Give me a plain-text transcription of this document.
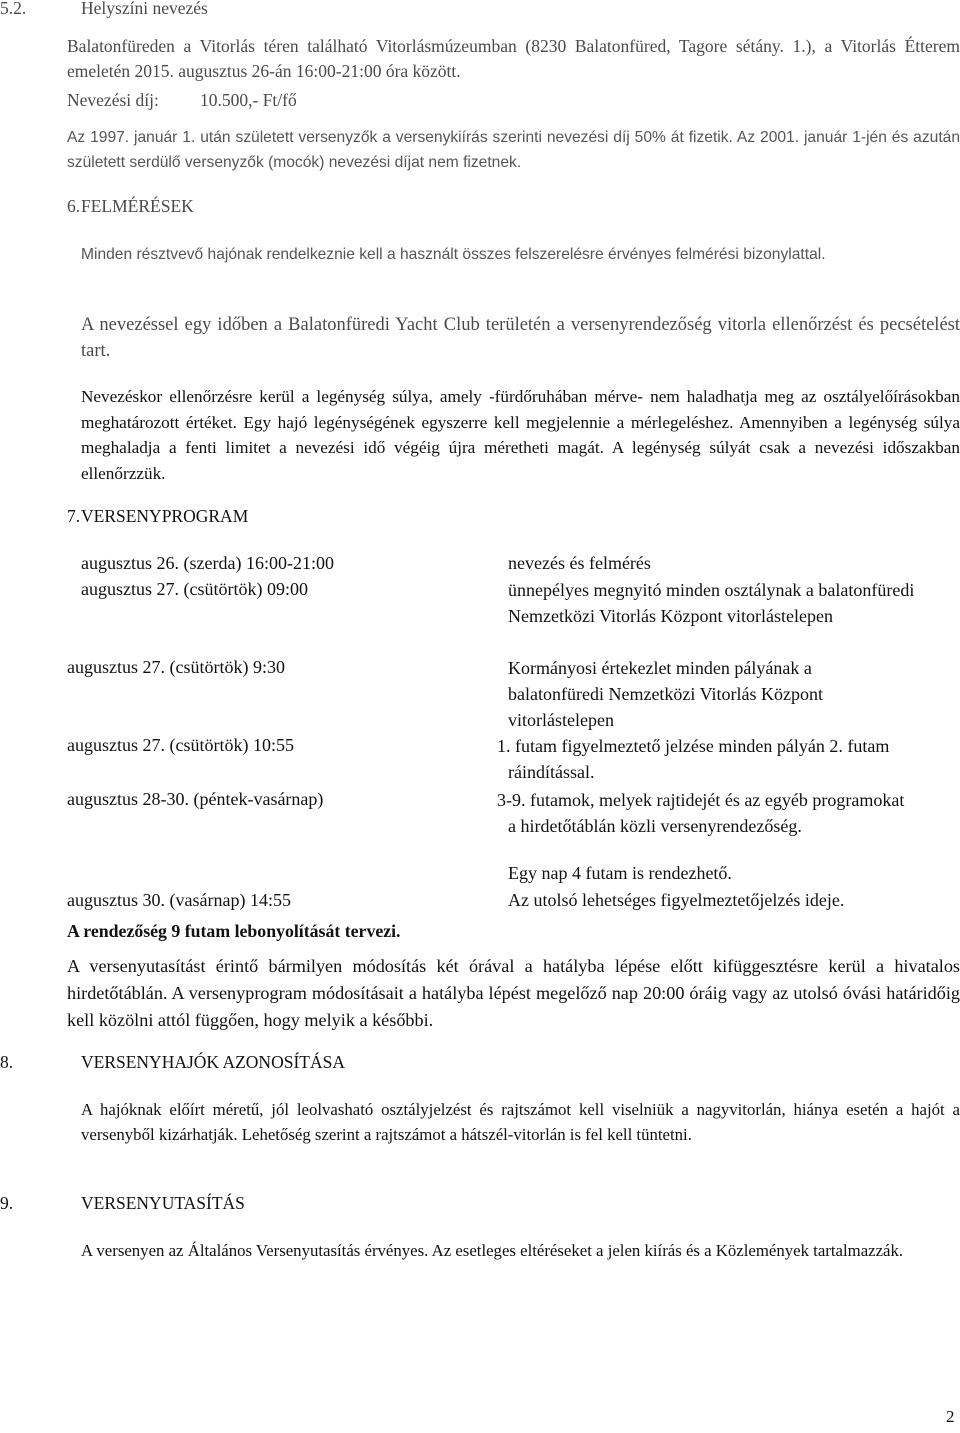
5.2.	Helyszíni nevezés
Balatonfüreden a Vitorlás téren található Vitorlásmúzeumban (8230 Balatonfüred, Tagore sétány. 1.), a Vitorlás Étterem emeletén 2015. augusztus 26-án 16:00-21:00 óra között.
Nevezési díj: 10.500,- Ft/fő
Az 1997. január 1. után született versenyzők a versenykiírás szerinti nevezési díj 50% át fizetik. Az 2001. január 1-jén és azután született serdülő versenyzők (mocók) nevezési díjat nem fizetnek.
6. FELMÉRÉSEK
Minden résztvevő hajónak rendelkeznie kell a használt összes felszerelésre érvényes felmérési bizonylattal.
A nevezéssel egy időben a Balatonfüredi Yacht Club területén a versenyrendezőség vitorla ellenőrzést és pecsételést tart.
Nevezéskor ellenőrzésre kerül a legénység súlya, amely -fürdőruhában mérve- nem haladhatja meg az osztályelőírásokban meghatározott értéket. Egy hajó legénységének egyszerre kell megjelennie a mérlegeléshez. Amennyiben a legénység súlya meghaladja a fenti limitet a nevezési idő végéig újra méretheti magát. A legénység súlyát csak a nevezési időszakban ellenőrzzük.
7. VERSENYPROGRAM
augusztus 26. (szerda) 16:00-21:00	nevezés és felmérés
augusztus 27. (csütörtök) 09:00	ünnepélyes megnyitó minden osztálynak a balatonfüredi Nemzetközi Vitorlás Központ vitorlástelepen
augusztus 27. (csütörtök) 9:30	Kormányosi értekezlet minden pályának a balatonfüredi Nemzetközi Vitorlás Központ vitorlástelepen
augusztus 27. (csütörtök) 10:55	1. futam figyelmeztető jelzése minden pályán 2. futam ráindítással.
augusztus 28-30. (péntek-vasárnap)	3-9. futamok, melyek rajtidejét és az egyéb programokat a hirdetőtáblán közli versenyrendezőség.
Egy nap 4 futam is rendezhető.
augusztus 30. (vasárnap) 14:55	Az utolsó lehetséges figyelmeztetőjelzés ideje.
A rendezőség 9 futam lebonyolítását tervezi.
A versenyutasítást érintő bármilyen módosítás két órával a hatályba lépése előtt kifüggesztésre kerül a hivatalos hirdetőtáblán. A versenyprogram módosításait a hatályba lépést megelőző nap 20:00 óráig vagy az utolsó óvási határidőig kell közölni attól függően, hogy melyik a későbbi.
8.	VERSENYHAJÓK AZONOSÍTÁSA
A hajóknak előírt méretű, jól leolvasható osztályjelzést és rajtszámot kell viselniük a nagyvitorlán, hiánya esetén a hajót a versenyből kizárhatják. Lehetőség szerint a rajtszámot a hátszél-vitorlán is fel kell tüntetni.
9.	VERSENYUTASÍTÁS
A versenyen az Általános Versenyutasítás érvényes. Az esetleges eltéréseket a jelen kiírás és a Közlemények tartalmazzák.
2
